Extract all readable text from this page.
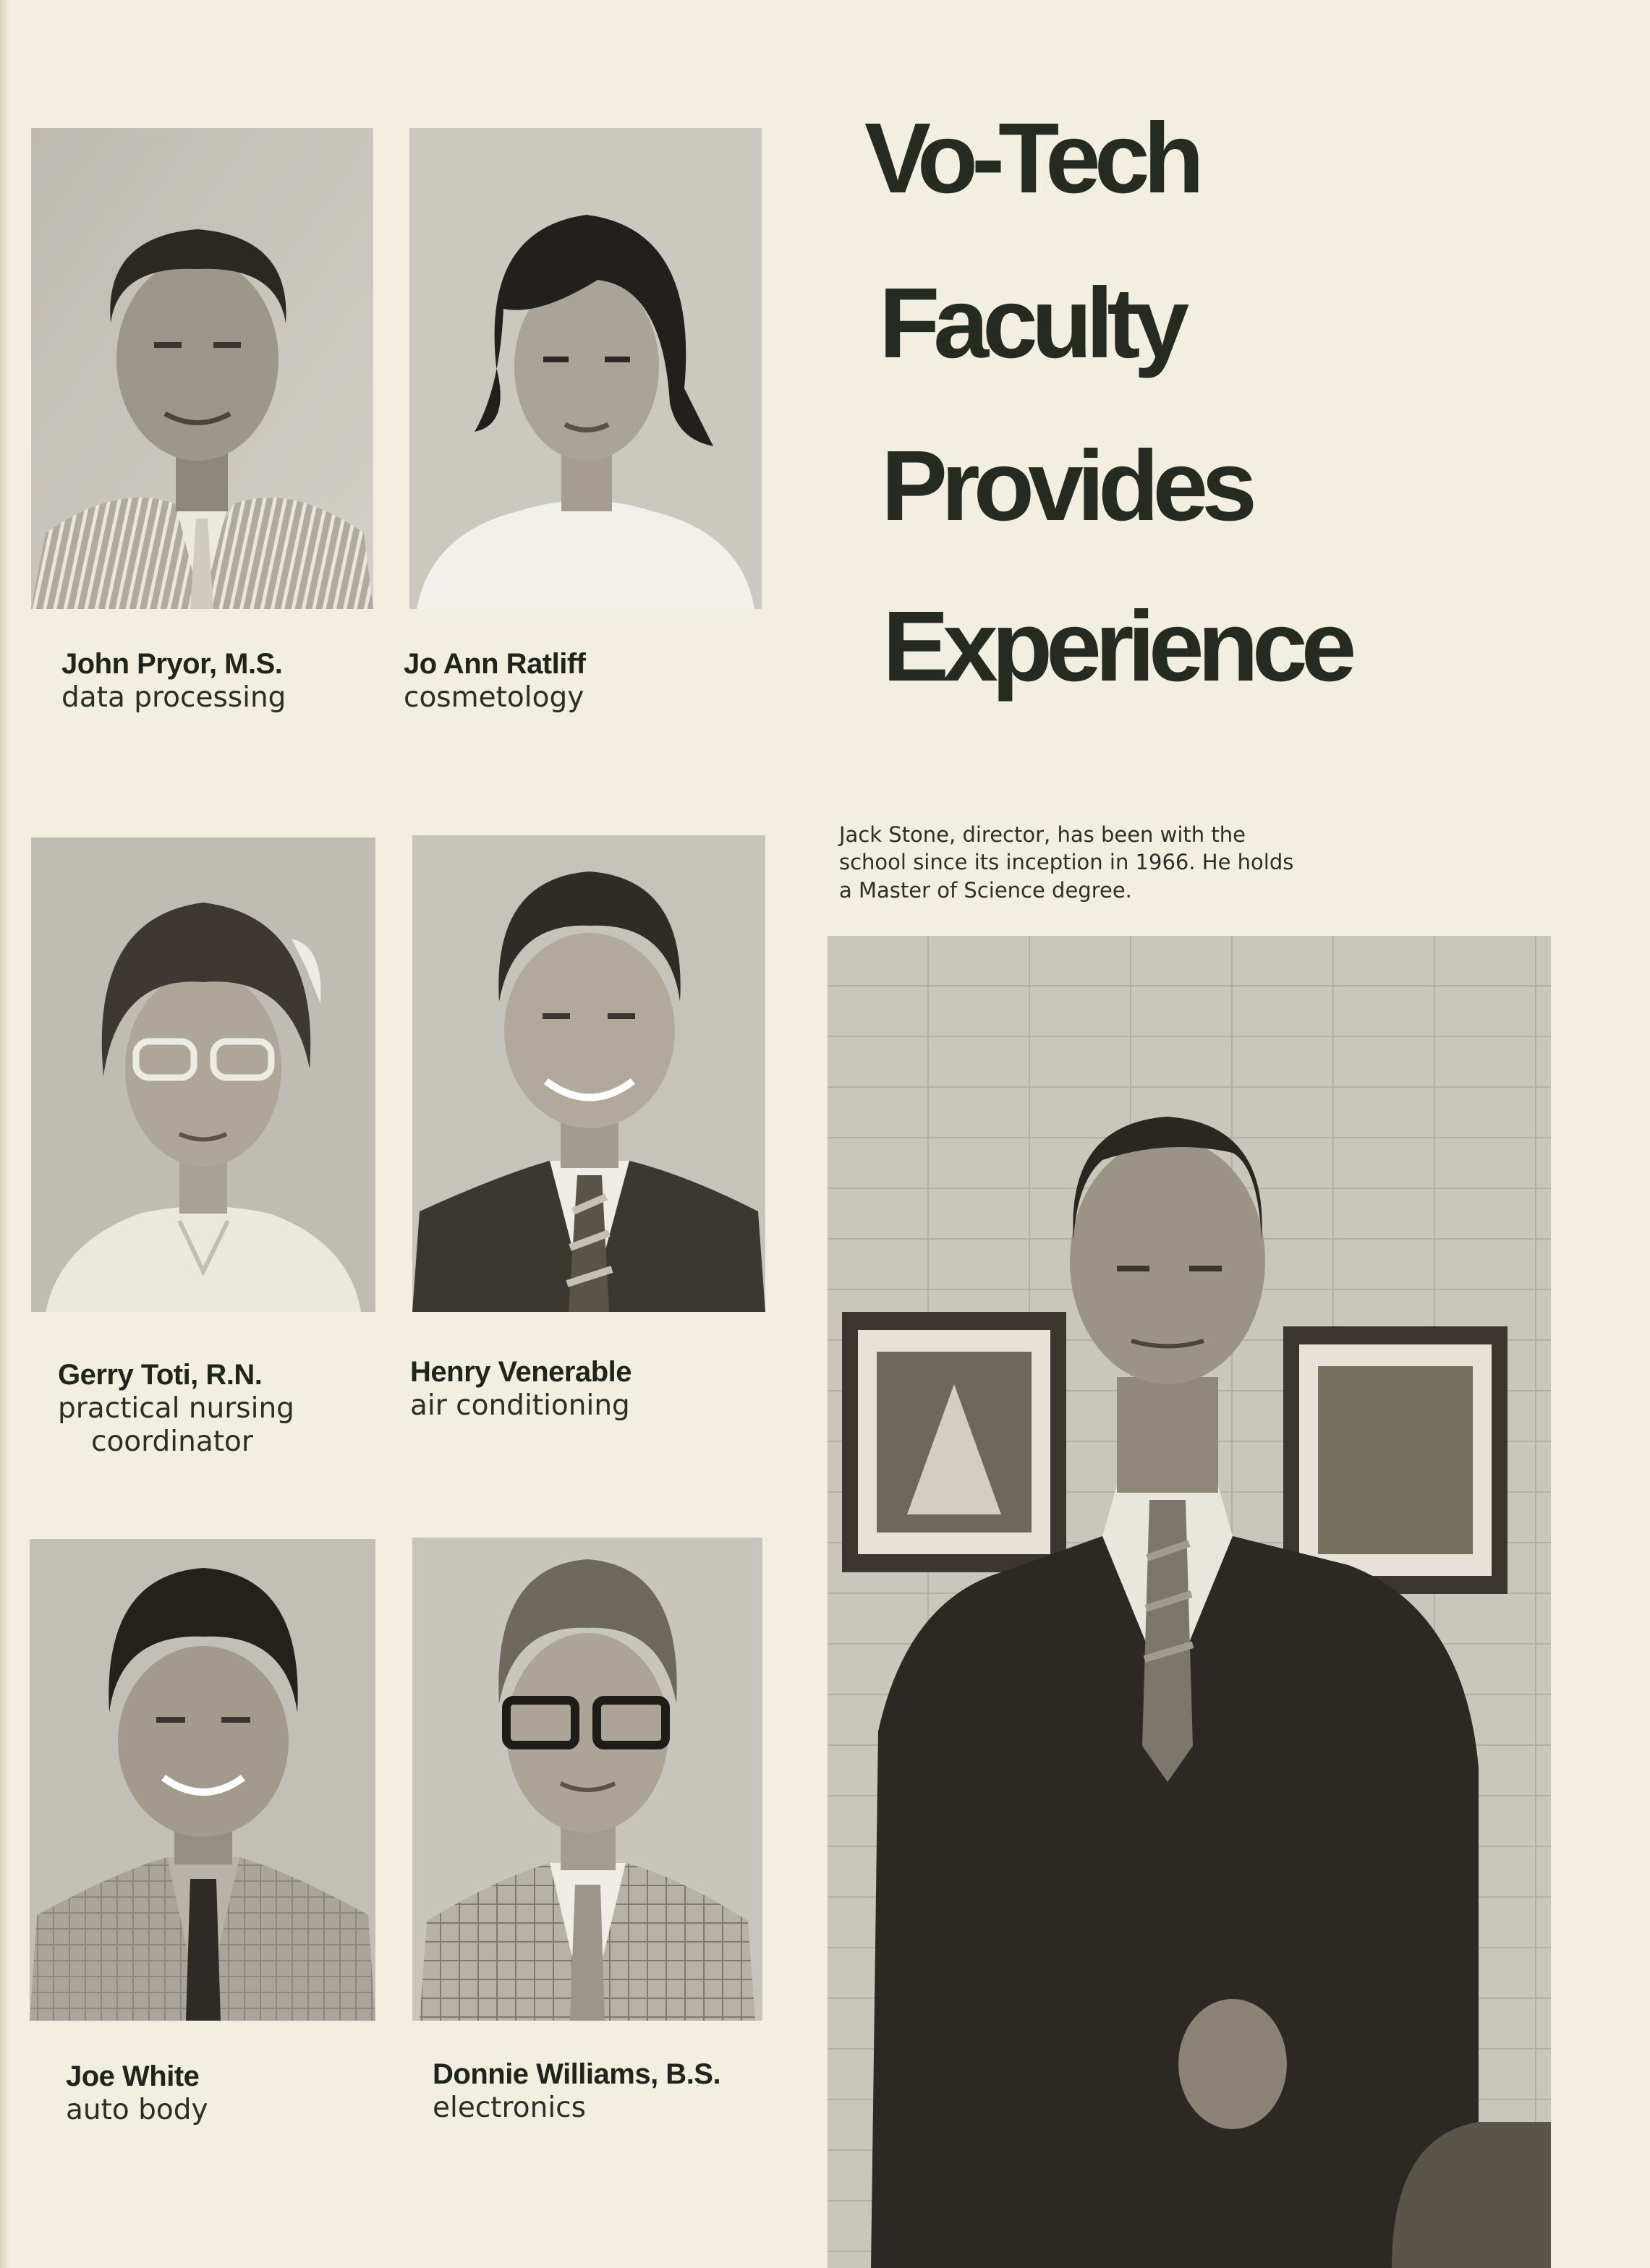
John Pryor, M.S.
data processing
Jo Ann Ratliff
cosmetology
Vo-Tech
Faculty
Provides
Experience
Gerry Toti, R.N.
practical nursing
coordinator
Henry Venerable
air conditioning
Joe White
auto body
Donnie Williams, B.S.
electronics
Jack Stone, director, has been with the school since its inception in 1966. He holds a Master of Science degree.
